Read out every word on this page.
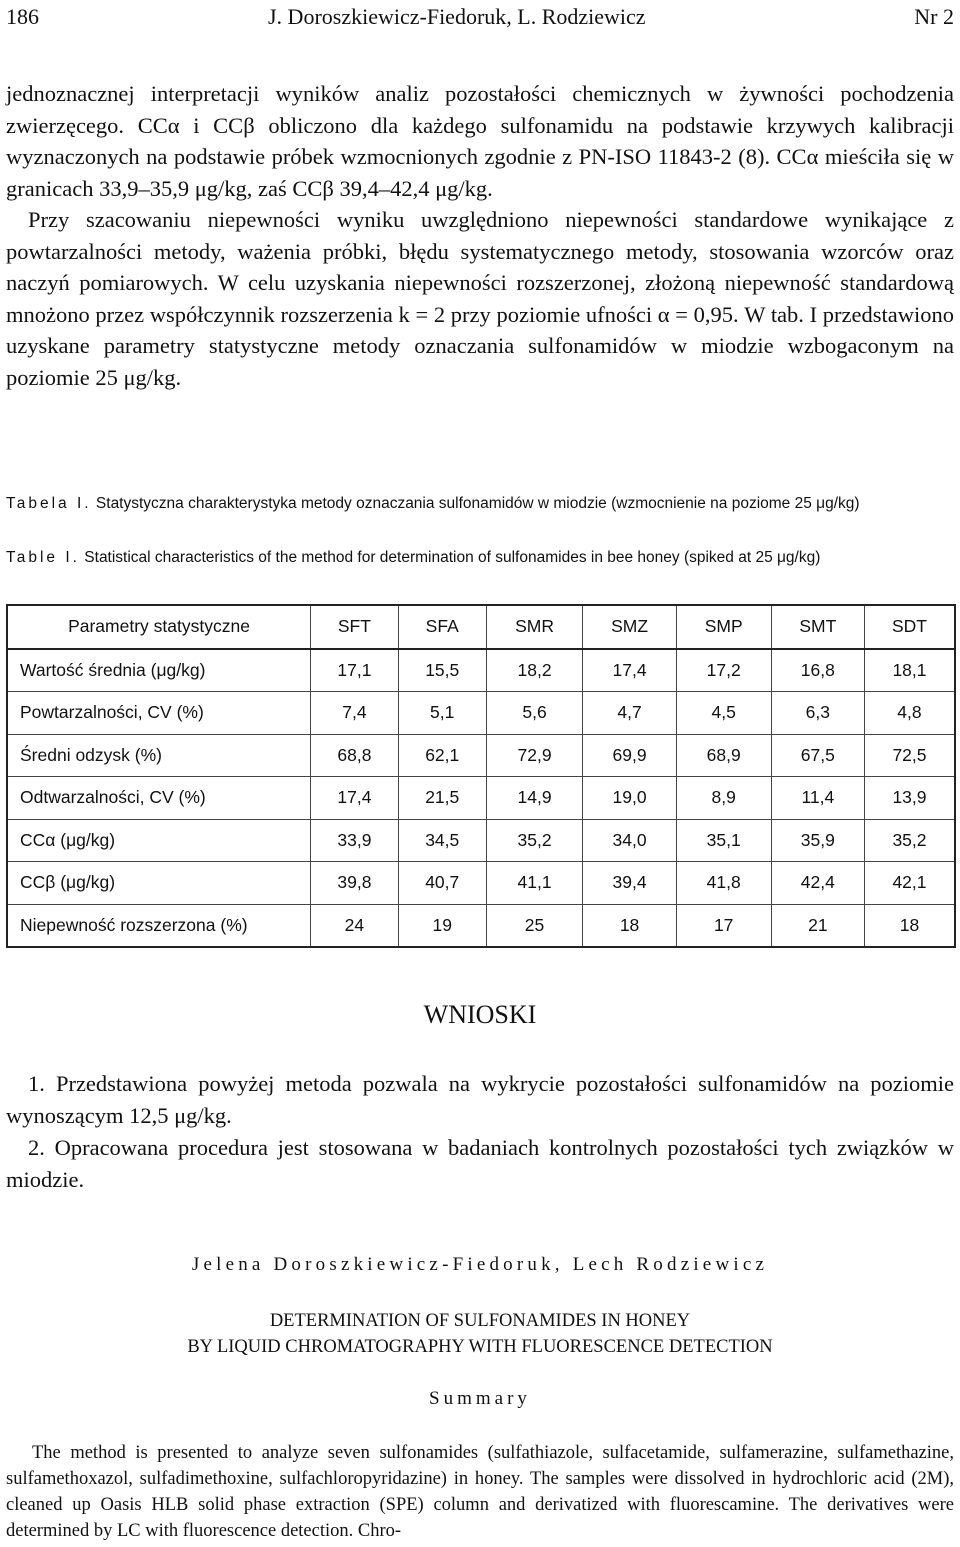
186	J. Doroszkiewicz-Fiedoruk, L. Rodziewicz	Nr 2

jednoznacznej interpretacji wyników analiz pozostałości chemicznych w żywności pochodzenia zwierzęcego. CCα i CCβ obliczono dla każdego sulfonamidu na podstawie krzywych kalibracji wyznaczonych na podstawie próbek wzmocnionych zgodnie z PN-ISO 11843-2 (8). CCα mieściła się w granicach 33,9–35,9 μg/kg, zaś CCβ 39,4–42,4 μg/kg.

Przy szacowaniu niepewności wyniku uwzględniono niepewności standardowe wynikające z powtarzalności metody, ważenia próbki, błędu systematycznego metody, stosowania wzorców oraz naczyń pomiarowych. W celu uzyskania niepewności rozszerzonej, złożoną niepewność standardową mnożono przez współczynnik rozszerzenia k = 2 przy poziomie ufności α = 0,95. W tab. I przedstawiono uzyskane parametry statystyczne metody oznaczania sulfonamidów w miodzie wzbogaconym na poziomie 25 μg/kg.

Tabela I. Statystyczna charakterystyka metody oznaczania sulfonamidów w miodzie (wzmocnienie na poziome 25 μg/kg)
Table I. Statistical characteristics of the method for determination of sulfonamides in bee honey (spiked at 25 μg/kg)
Parametry statystyczne	SFT	SFA	SMR	SMZ	SMP	SMT	SDT
Wartość średnia (μg/kg)	17,1	15,5	18,2	17,4	17,2	16,8	18,1
Powtarzalności, CV (%)	7,4	5,1	5,6	4,7	4,5	6,3	4,8
Średni odzysk (%)	68,8	62,1	72,9	69,9	68,9	67,5	72,5
Odtwarzalności, CV (%)	17,4	21,5	14,9	19,0	8,9	11,4	13,9
CCα (μg/kg)	33,9	34,5	35,2	34,0	35,1	35,9	35,2
CCβ (μg/kg)	39,8	40,7	41,1	39,4	41,8	42,4	42,1
Niepewność rozszerzona (%)	24	19	25	18	17	21	18
WNIOSKI

1. Przedstawiona powyżej metoda pozwala na wykrycie pozostałości sulfonamidów na poziomie wynoszącym 12,5 μg/kg.

2. Opracowana procedura jest stosowana w badaniach kontrolnych pozostałości tych związków w miodzie.

Jelena Doroszkiewicz-Fiedoruk, Lech Rodziewicz
DETERMINATION OF SULFONAMIDES IN HONEY
BY LIQUID CHROMATOGRAPHY WITH FLUORESCENCE DETECTION
Summary

The method is presented to analyze seven sulfonamides (sulfathiazole, sulfacetamide, sulfamerazine, sulfamethazine, sulfamethoxazol, sulfadimethoxine, sulfachloropyridazine) in honey. The samples were dissolved in hydrochloric acid (2M), cleaned up Oasis HLB solid phase extraction (SPE) column and derivatized with fluorescamine. The derivatives were determined by LC with fluorescence detection. Chro-
